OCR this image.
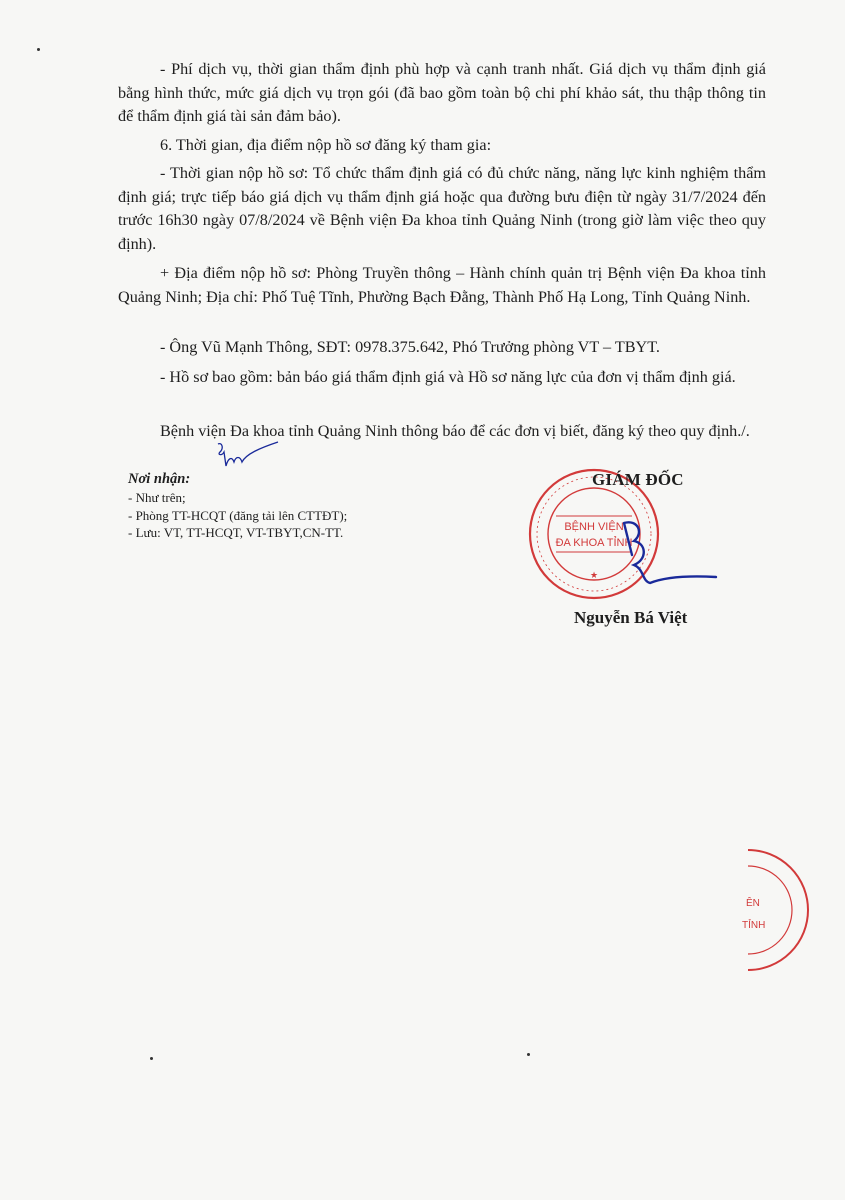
- Phí dịch vụ, thời gian thẩm định phù hợp và cạnh tranh nhất. Giá dịch vụ thẩm định giá bằng hình thức, mức giá dịch vụ trọn gói (đã bao gồm toàn bộ chi phí khảo sát, thu thập thông tin để thẩm định giá tài sản đảm bảo).

6. Thời gian, địa điểm nộp hồ sơ đăng ký tham gia:

- Thời gian nộp hồ sơ: Tổ chức thẩm định giá có đủ chức năng, năng lực kinh nghiệm thẩm định giá; trực tiếp báo giá dịch vụ thẩm định giá hoặc qua đường bưu điện từ ngày 31/7/2024 đến trước 16h30 ngày 07/8/2024 về Bệnh viện Đa khoa tỉnh Quảng Ninh (trong giờ làm việc theo quy định).

+ Địa điểm nộp hồ sơ: Phòng Truyền thông – Hành chính quản trị Bệnh viện Đa khoa tỉnh Quảng Ninh; Địa chỉ: Phố Tuệ Tĩnh, Phường Bạch Đằng, Thành Phố Hạ Long, Tỉnh Quảng Ninh.

- Ông Vũ Mạnh Thông, SĐT: 0978.375.642, Phó Trưởng phòng VT – TBYT.

- Hồ sơ bao gồm: bản báo giá thẩm định giá và Hồ sơ năng lực của đơn vị thẩm định giá.

Bệnh viện Đa khoa tỉnh Quảng Ninh thông báo để các đơn vị biết, đăng ký theo quy định./.

Nơi nhận:
- Như trên;
- Phòng TT-HCQT (đăng tải lên CTTĐT);
- Lưu: VT, TT-HCQT, VT-TBYT,CN-TT.	BỆNH VIỆN
ĐA KHOA TỈNH
★
GIÁM ĐỐC
Nguyễn Bá Việt
ÊN
TỈNH
